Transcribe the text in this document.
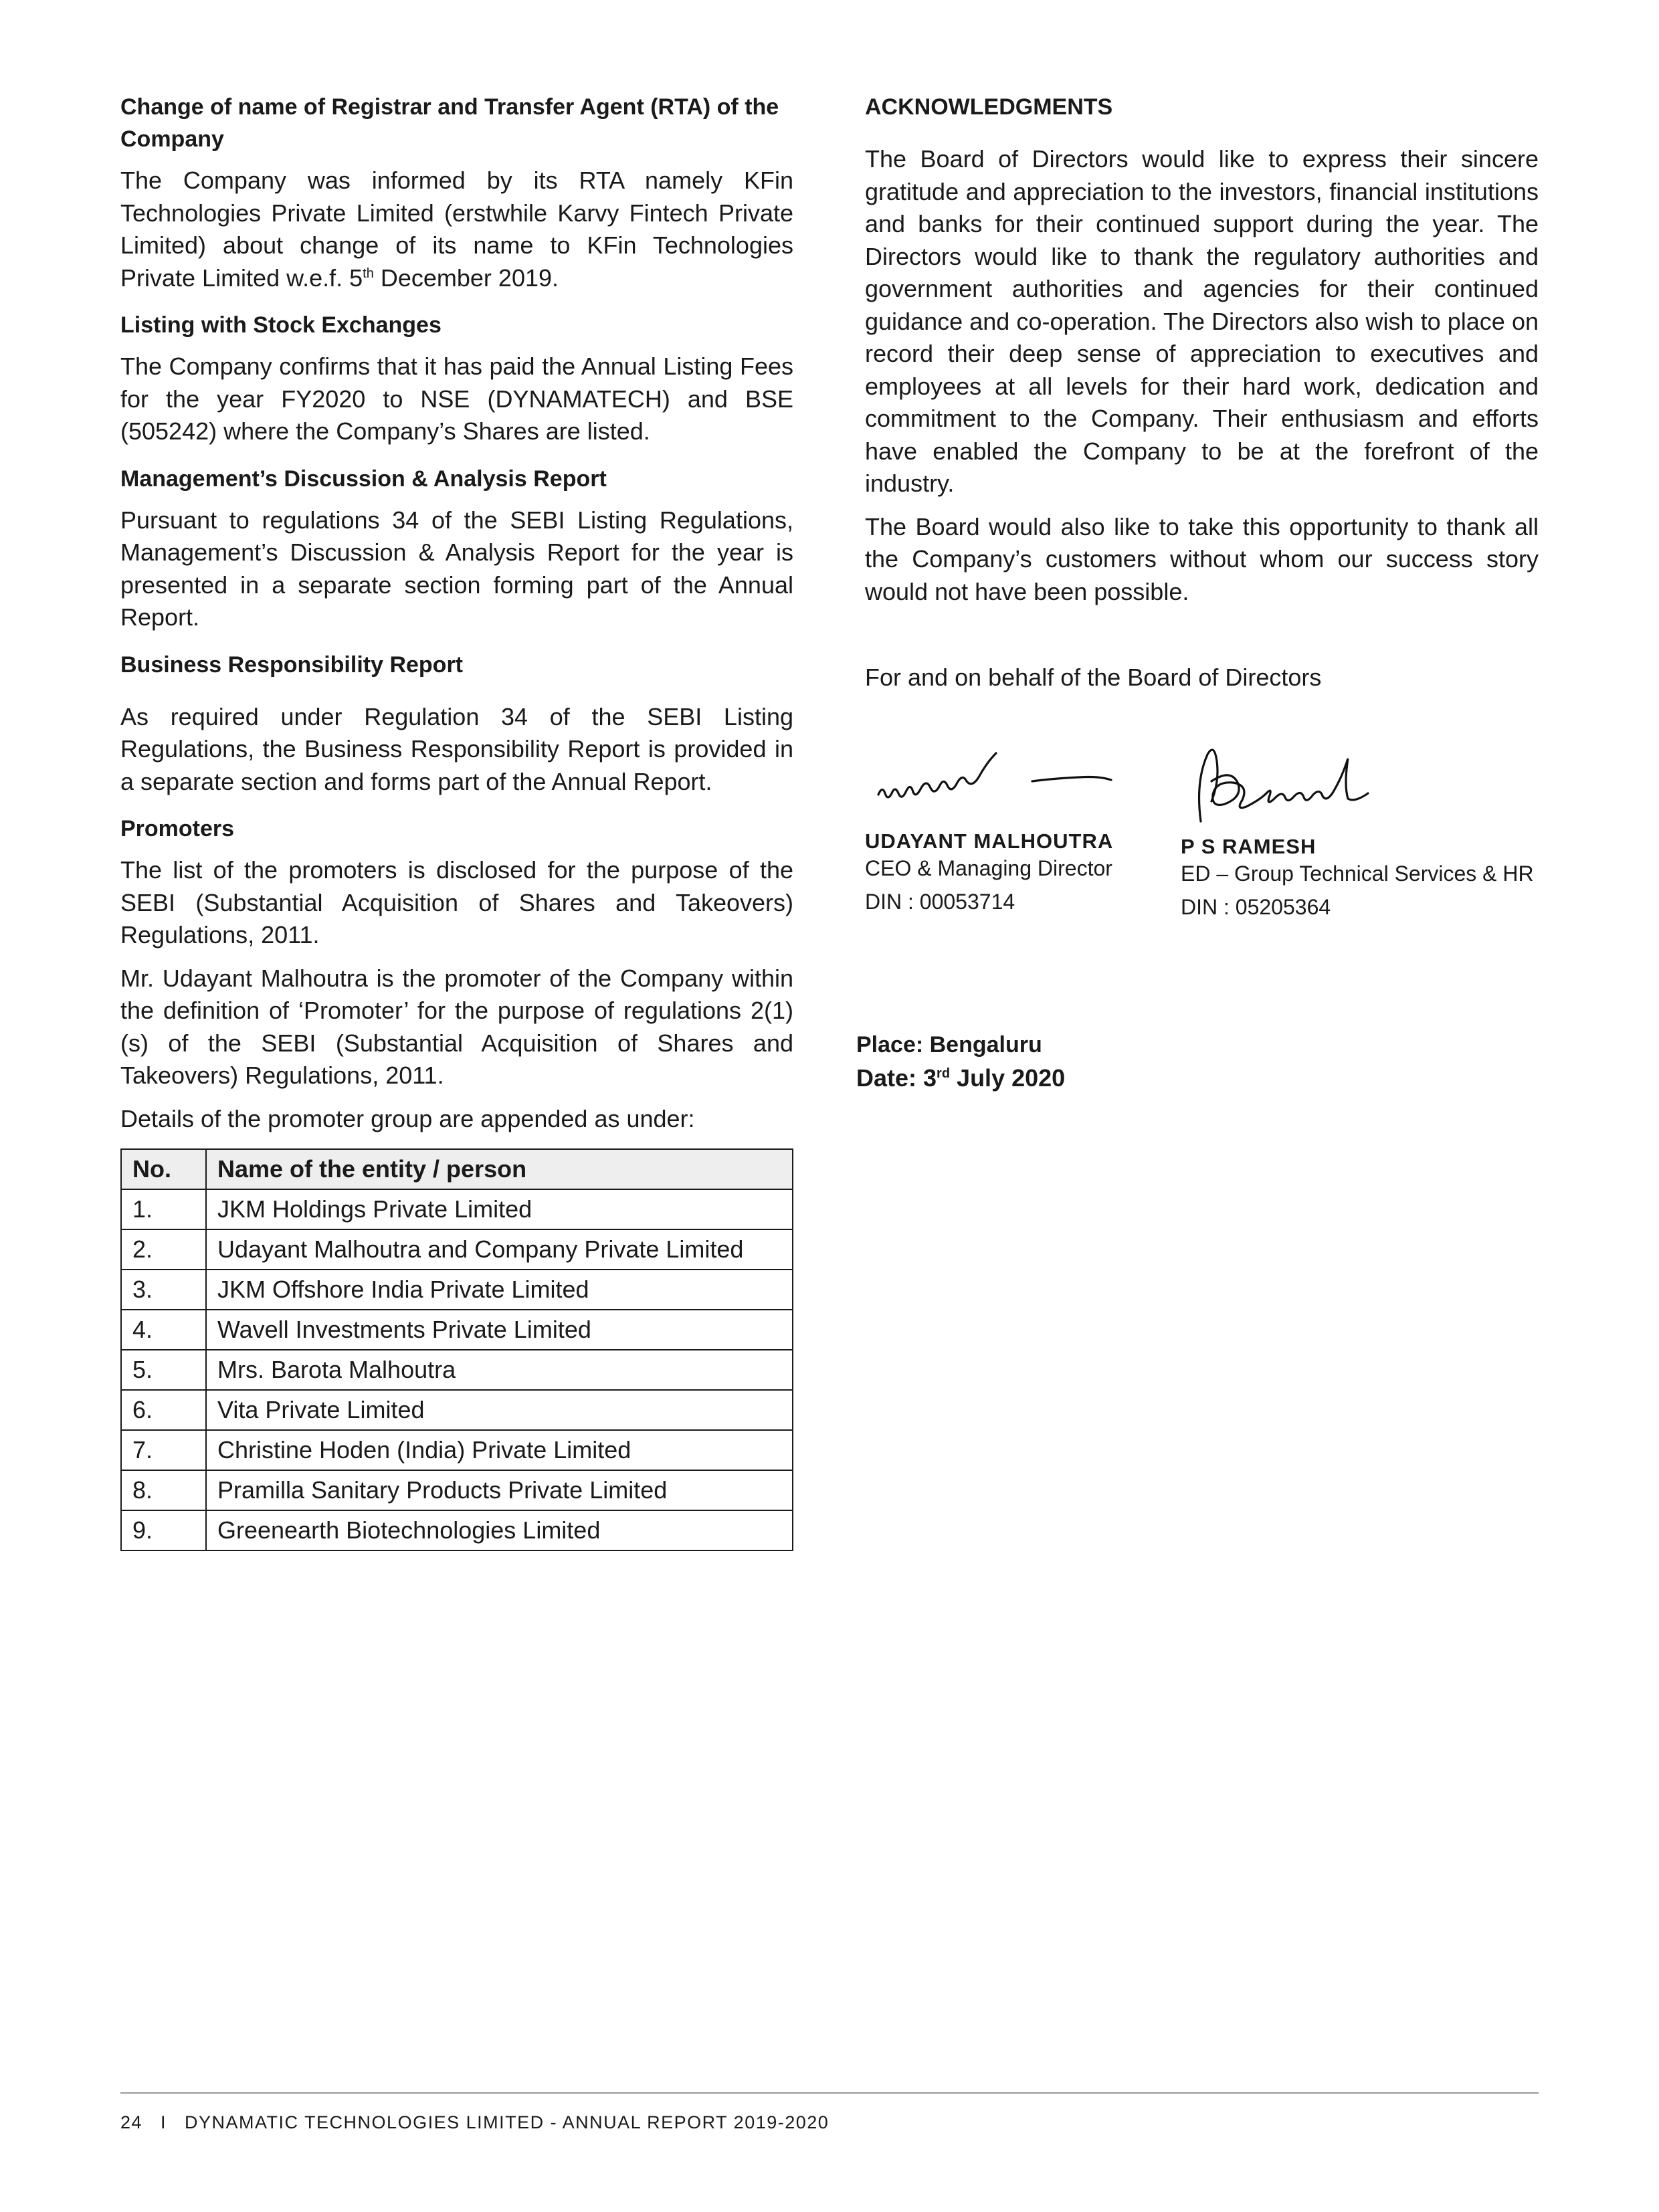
Change of name of Registrar and Transfer Agent (RTA) of the Company

The Company was informed by its RTA namely KFin Technologies Private Limited (erstwhile Karvy Fintech Private Limited) about change of its name to KFin Technologies Private Limited w.e.f. 5th December 2019.

Listing with Stock Exchanges

The Company confirms that it has paid the Annual Listing Fees for the year FY2020 to NSE (DYNAMATECH) and BSE (505242) where the Company’s Shares are listed.

Management’s Discussion & Analysis Report

Pursuant to regulations 34 of the SEBI Listing Regulations, Management’s Discussion & Analysis Report for the year is presented in a separate section forming part of the Annual Report.

Business Responsibility Report

As required under Regulation 34 of the SEBI Listing Regulations, the Business Responsibility Report is provided in a separate section and forms part of the Annual Report.

Promoters

The list of the promoters is disclosed for the purpose of the SEBI (Substantial Acquisition of Shares and Takeovers) Regulations, 2011.

Mr. Udayant Malhoutra is the promoter of the Company within the definition of ‘Promoter’ for the purpose of regulations 2(1)(s) of the SEBI (Substantial Acquisition of Shares and Takeovers) Regulations, 2011.

Details of the promoter group are appended as under:

No.	Name of the entity / person
1.	JKM Holdings Private Limited
2.	Udayant Malhoutra and Company Private Limited
3.	JKM Offshore India Private Limited
4.	Wavell Investments Private Limited
5.	Mrs. Barota Malhoutra
6.	Vita Private Limited
7.	Christine Hoden (India) Private Limited
8.	Pramilla Sanitary Products Private Limited
9.	Greenearth Biotechnologies Limited
ACKNOWLEDGMENTS

The Board of Directors would like to express their sincere gratitude and appreciation to the investors, financial institutions and banks for their continued support during the year. The Directors would like to thank the regulatory authorities and government authorities and agencies for their continued guidance and co-operation. The Directors also wish to place on record their deep sense of appreciation to executives and employees at all levels for their hard work, dedication and commitment to the Company. Their enthusiasm and efforts have enabled the Company to be at the forefront of the industry.

The Board would also like to take this opportunity to thank all the Company’s customers without whom our success story would not have been possible.

For and on behalf of the Board of Directors

UDAYANT MALHOUTRA

CEO & Managing Director

DIN : 00053714

P S RAMESH

ED – Group Technical Services & HR

DIN : 05205364

Place: Bengaluru
Date: 3rd July 2020
24   I   DYNAMATIC TECHNOLOGIES LIMITED - ANNUAL REPORT 2019-2020
